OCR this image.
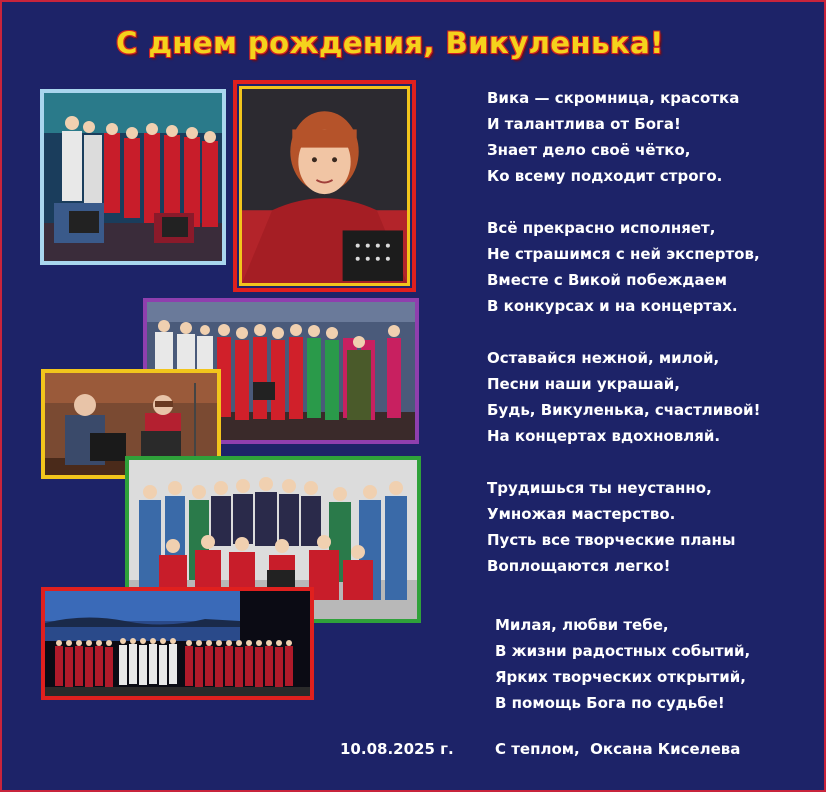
С днем рождения, Викуленька!
Вика — скромница, красотка
И талантлива от Бога!
Знает дело своё чётко,
Ко всему подходит строго.
Всё прекрасно исполняет,
Не страшимся с ней экспертов,
Вместе с Викой побеждаем
В конкурсах и на концертах.
Оставайся нежной, милой,
Песни наши украшай,
Будь, Викуленька, счастливой!
На концертах вдохновляй.
Трудишься ты неустанно,
Умножая мастерство.
Пусть все творческие планы
Воплощаются легко!
Милая, любви тебе,
В жизни радостных событий,
Ярких творческих открытий,
В помощь Бога по судьбе!
10.08.2025 г.	С теплом,  Оксана Киселева
